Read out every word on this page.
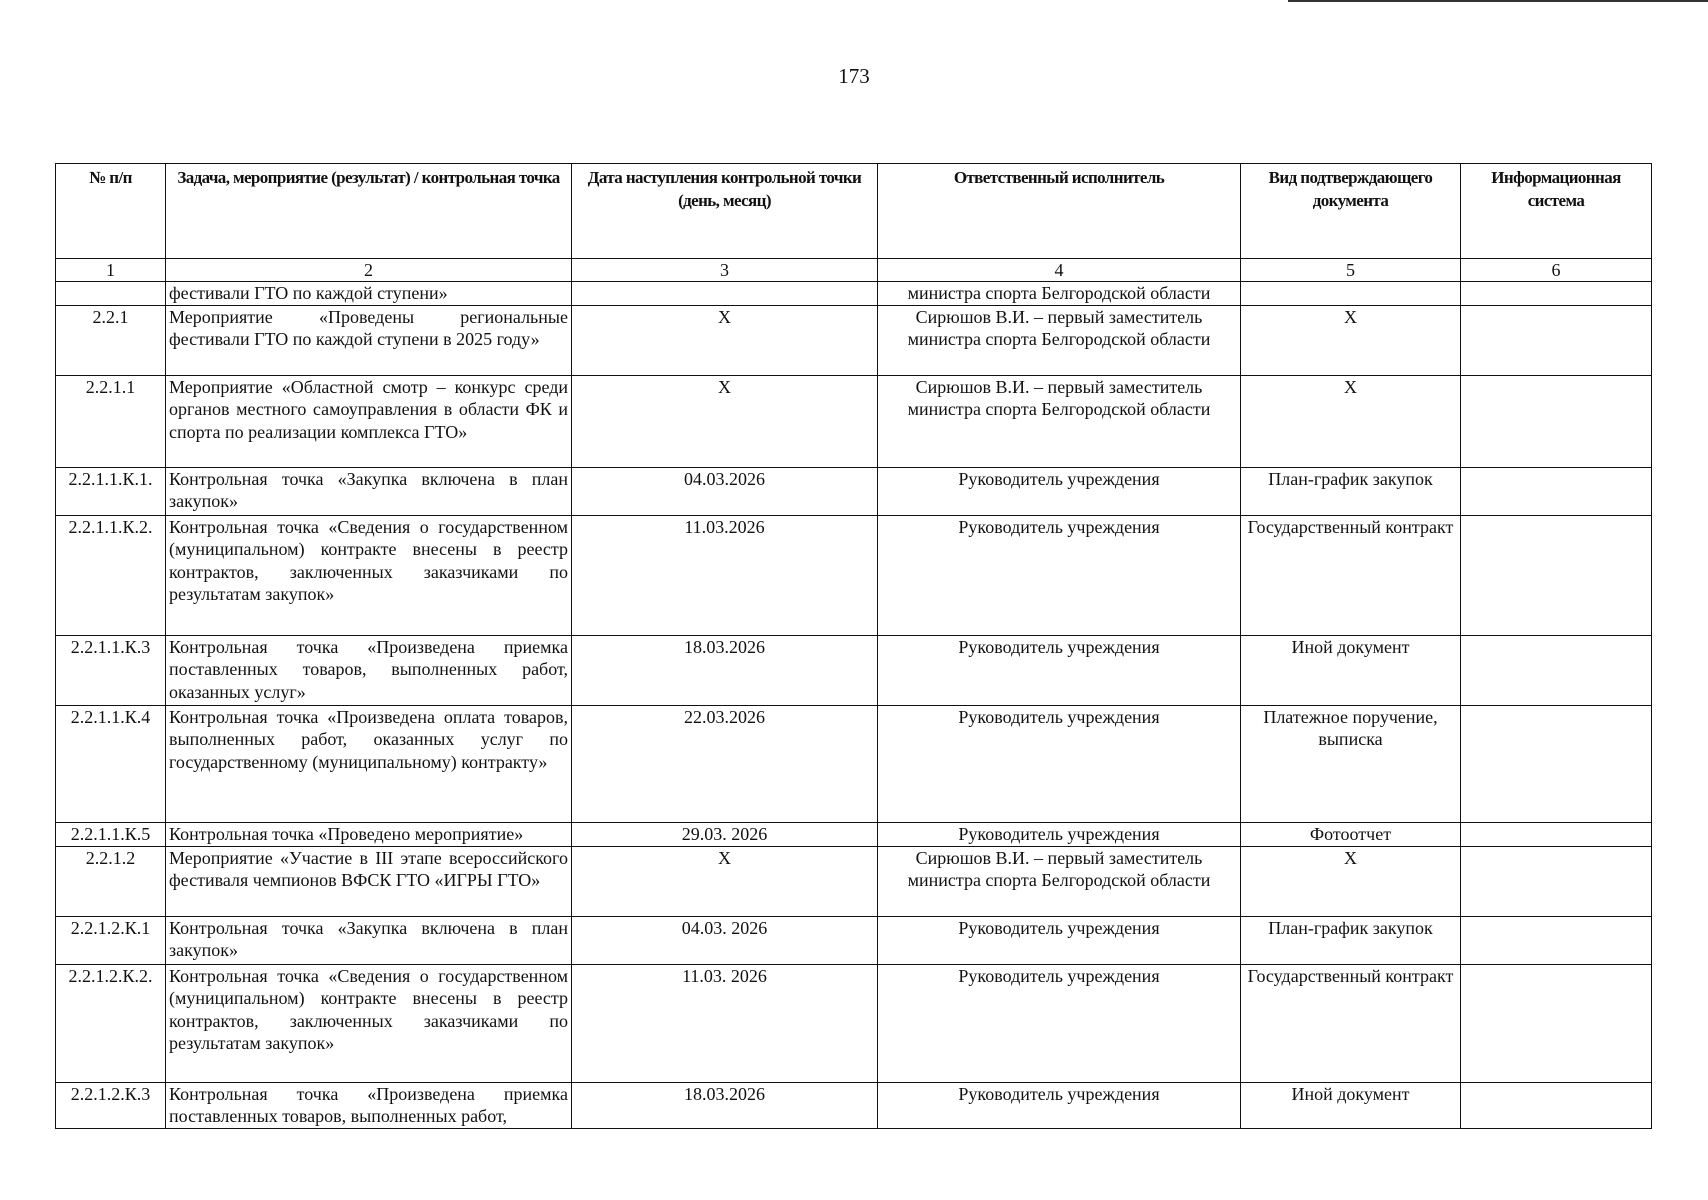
173
№ п/п	Задача, мероприятие (результат) / контрольная точка	Дата наступления контрольной точки (день, месяц)	Ответственный исполнитель	Вид подтверждающего документа	Информационная система
1	2	3	4	5	6
	фестивали ГТО по каждой ступени»		министра спорта Белгородской области		
2.2.1	Мероприятие «Проведены региональные фестивали ГТО по каждой ступени в 2025 году»	Х	Сирюшов В.И. – первый заместитель министра спорта Белгородской области	Х	
2.2.1.1	Мероприятие «Областной смотр – конкурс среди органов местного самоуправления в области ФК и спорта по реализации комплекса ГТО»	Х	Сирюшов В.И. – первый заместитель министра спорта Белгородской области	Х	
2.2.1.1.К.1.	Контрольная точка «Закупка включена в план закупок»	04.03.2026	Руководитель учреждения	План-график закупок	
2.2.1.1.К.2.	Контрольная точка «Сведения о государственном (муниципальном) контракте внесены в реестр контрактов, заключенных заказчиками по результатам закупок»	11.03.2026	Руководитель учреждения	Государственный контракт	
2.2.1.1.К.3	Контрольная точка «Произведена приемка поставленных товаров, выполненных работ, оказанных услуг»	18.03.2026	Руководитель учреждения	Иной документ	
2.2.1.1.К.4	Контрольная точка «Произведена оплата товаров, выполненных работ, оказанных услуг по государственному (муниципальному) контракту»	22.03.2026	Руководитель учреждения	Платежное поручение, выписка	
2.2.1.1.К.5	Контрольная точка «Проведено мероприятие»	29.03. 2026	Руководитель учреждения	Фотоотчет	
2.2.1.2	Мероприятие «Участие в III этапе всероссийского фестиваля чемпионов ВФСК ГТО «ИГРЫ ГТО»	Х	Сирюшов В.И. – первый заместитель министра спорта Белгородской области	Х	
2.2.1.2.К.1	Контрольная точка «Закупка включена в план закупок»	04.03. 2026	Руководитель учреждения	План-график закупок	
2.2.1.2.К.2.	Контрольная точка «Сведения о государственном (муниципальном) контракте внесены в реестр контрактов, заключенных заказчиками по результатам закупок»	11.03. 2026	Руководитель учреждения	Государственный контракт	
2.2.1.2.К.3	Контрольная точка «Произведена приемка поставленных товаров, выполненных работ,	18.03.2026	Руководитель учреждения	Иной документ	
